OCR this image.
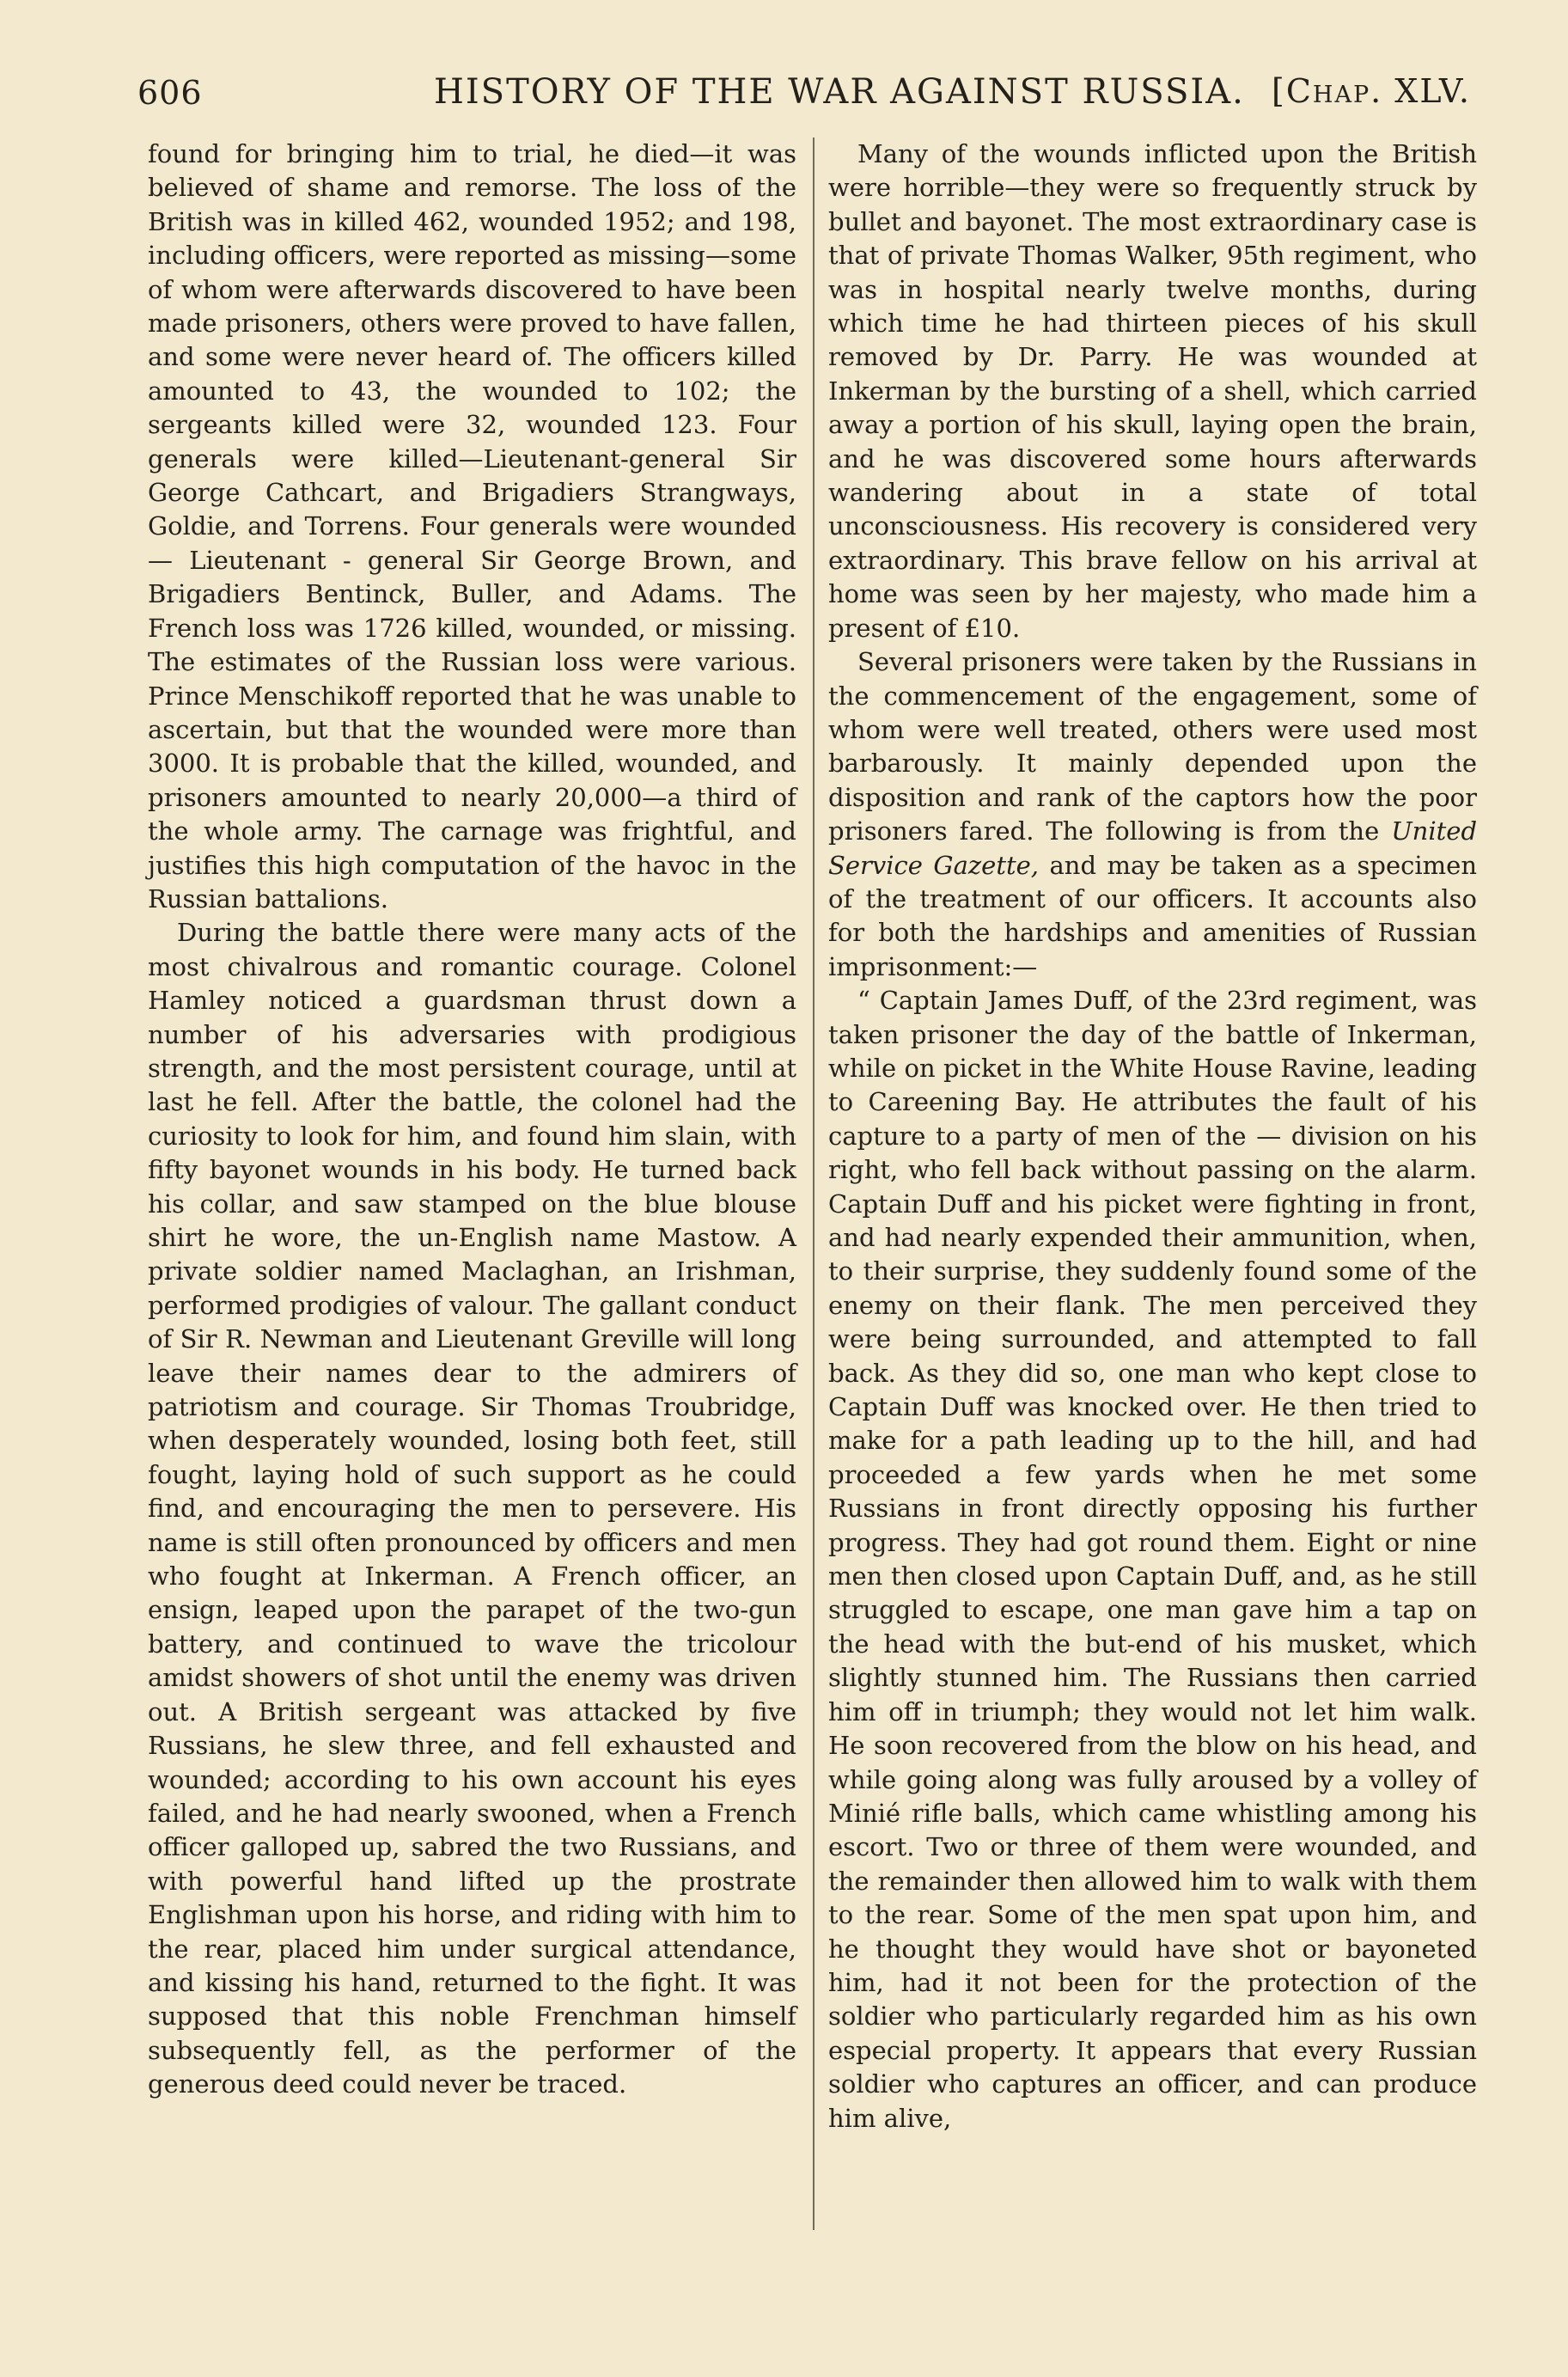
606	HISTORY OF THE WAR AGAINST RUSSIA. [Chap. XLV.

found for bringing him to trial, he died—it was believed of shame and remorse. The loss of the British was in killed 462, wounded 1952; and 198, including officers, were reported as missing—some of whom were afterwards discovered to have been made prisoners, others were proved to have fallen, and some were never heard of. The officers killed amounted to 43, the wounded to 102; the sergeants killed were 32, wounded 123. Four generals were killed—Lieutenant-general Sir George Cathcart, and Brigadiers Strangways, Goldie, and Torrens. Four generals were wounded — Lieutenant - general Sir George Brown, and Brigadiers Bentinck, Buller, and Adams. The French loss was 1726 killed, wounded, or missing. The estimates of the Russian loss were various. Prince Menschikoff reported that he was unable to ascertain, but that the wounded were more than 3000. It is probable that the killed, wounded, and prisoners amounted to nearly 20,000—a third of the whole army. The carnage was frightful, and justifies this high computation of the havoc in the Russian battalions.

During the battle there were many acts of the most chivalrous and romantic courage. Colonel Hamley noticed a guardsman thrust down a number of his adversaries with prodigious strength, and the most persistent courage, until at last he fell. After the battle, the colonel had the curiosity to look for him, and found him slain, with fifty bayonet wounds in his body. He turned back his collar, and saw stamped on the blue blouse shirt he wore, the un-English name Mastow. A private soldier named Maclaghan, an Irishman, performed prodigies of valour. The gallant conduct of Sir R. Newman and Lieutenant Greville will long leave their names dear to the admirers of patriotism and courage. Sir Thomas Troubridge, when desperately wounded, losing both feet, still fought, laying hold of such support as he could find, and encouraging the men to persevere. His name is still often pronounced by officers and men who fought at Inkerman. A French officer, an ensign, leaped upon the parapet of the two-gun battery, and continued to wave the tricolour amidst showers of shot until the enemy was driven out. A British sergeant was attacked by five Russians, he slew three, and fell exhausted and wounded; according to his own account his eyes failed, and he had nearly swooned, when a French officer galloped up, sabred the two Russians, and with powerful hand lifted up the prostrate Englishman upon his horse, and riding with him to the rear, placed him under surgical attendance, and kissing his hand, returned to the fight. It was supposed that this noble Frenchman himself subsequently fell, as the performer of the generous deed could never be traced.

Many of the wounds inflicted upon the British were horrible—they were so frequently struck by bullet and bayonet. The most extraordinary case is that of private Thomas Walker, 95th regiment, who was in hospital nearly twelve months, during which time he had thirteen pieces of his skull removed by Dr. Parry. He was wounded at Inkerman by the bursting of a shell, which carried away a portion of his skull, laying open the brain, and he was discovered some hours afterwards wandering about in a state of total unconsciousness. His recovery is considered very extraordinary. This brave fellow on his arrival at home was seen by her majesty, who made him a present of £10.

Several prisoners were taken by the Russians in the commencement of the engagement, some of whom were well treated, others were used most barbarously. It mainly depended upon the disposition and rank of the captors how the poor prisoners fared. The following is from the United Service Gazette, and may be taken as a specimen of the treatment of our officers. It accounts also for both the hardships and amenities of Russian imprisonment:—

“ Captain James Duff, of the 23rd regiment, was taken prisoner the day of the battle of Inkerman, while on picket in the White House Ravine, leading to Careening Bay. He attributes the fault of his capture to a party of men of the — division on his right, who fell back without passing on the alarm. Captain Duff and his picket were fighting in front, and had nearly expended their ammunition, when, to their surprise, they suddenly found some of the enemy on their flank. The men perceived they were being surrounded, and attempted to fall back. As they did so, one man who kept close to Captain Duff was knocked over. He then tried to make for a path leading up to the hill, and had proceeded a few yards when he met some Russians in front directly opposing his further progress. They had got round them. Eight or nine men then closed upon Captain Duff, and, as he still struggled to escape, one man gave him a tap on the head with the but-end of his musket, which slightly stunned him. The Russians then carried him off in triumph; they would not let him walk. He soon recovered from the blow on his head, and while going along was fully aroused by a volley of Minié rifle balls, which came whistling among his escort. Two or three of them were wounded, and the remainder then allowed him to walk with them to the rear. Some of the men spat upon him, and he thought they would have shot or bayoneted him, had it not been for the protection of the soldier who particularly regarded him as his own especial property. It appears that every Russian soldier who captures an officer, and can produce him alive,
